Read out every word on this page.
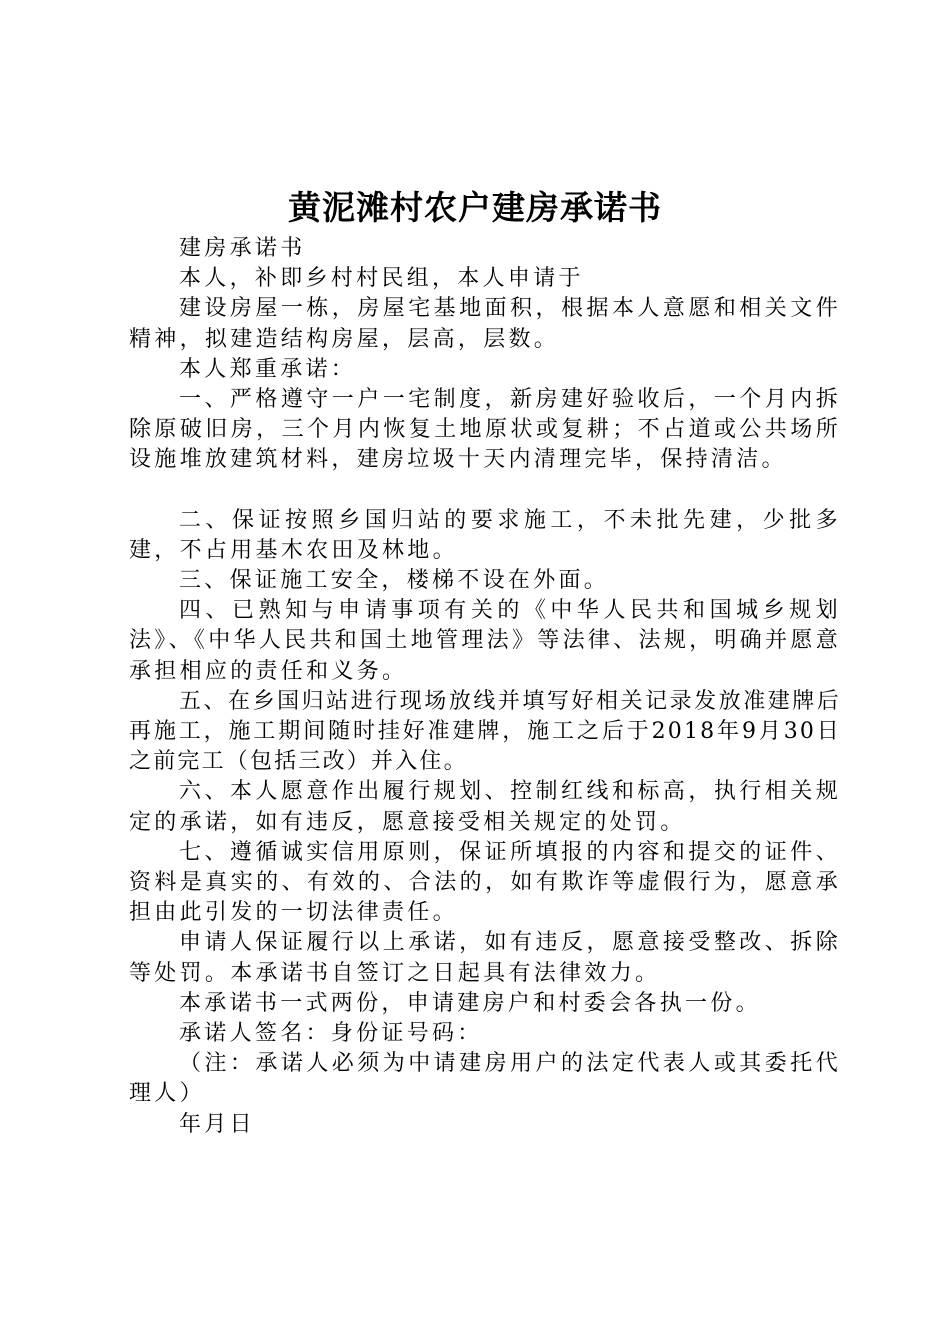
黄泥滩村农户建房承诺书

建房承诺书

本人，补即乡村村民组，本人申请于

建设房屋一栋，房屋宅基地面积，根据本人意愿和相关文件精神，拟建造结构房屋，层高，层数。

本人郑重承诺：

一、严格遵守一户一宅制度，新房建好验收后，一个月内拆除原破旧房，三个月内恢复土地原状或复耕；不占道或公共场所设施堆放建筑材料，建房垃圾十天内清理完毕，保持清洁。

二、保证按照乡国归站的要求施工，不未批先建，少批多建，不占用基木农田及林地。

三、保证施工安全，楼梯不设在外面。

四、已熟知与申请事项有关的《中华人民共和国城乡规划法》、《中华人民共和国土地管理法》等法律、法规，明确并愿意承担相应的责任和义务。

五、在乡国归站进行现场放线并填写好相关记录发放准建牌后再施工，施工期间随时挂好准建牌，施工之后于2018年9月30日之前完工（包括三改）并入住。

六、本人愿意作出履行规划、控制红线和标高，执行相关规定的承诺，如有违反，愿意接受相关规定的处罚。

七、遵循诚实信用原则，保证所填报的内容和提交的证件、资料是真实的、有效的、合法的，如有欺诈等虚假行为，愿意承担由此引发的一切法律责任。

申请人保证履行以上承诺，如有违反，愿意接受整改、拆除等处罚。本承诺书自签订之日起具有法律效力。

本承诺书一式两份，申请建房户和村委会各执一份。

承诺人签名：身份证号码：

（注：承诺人必须为中请建房用户的法定代表人或其委托代理人）

年月日
